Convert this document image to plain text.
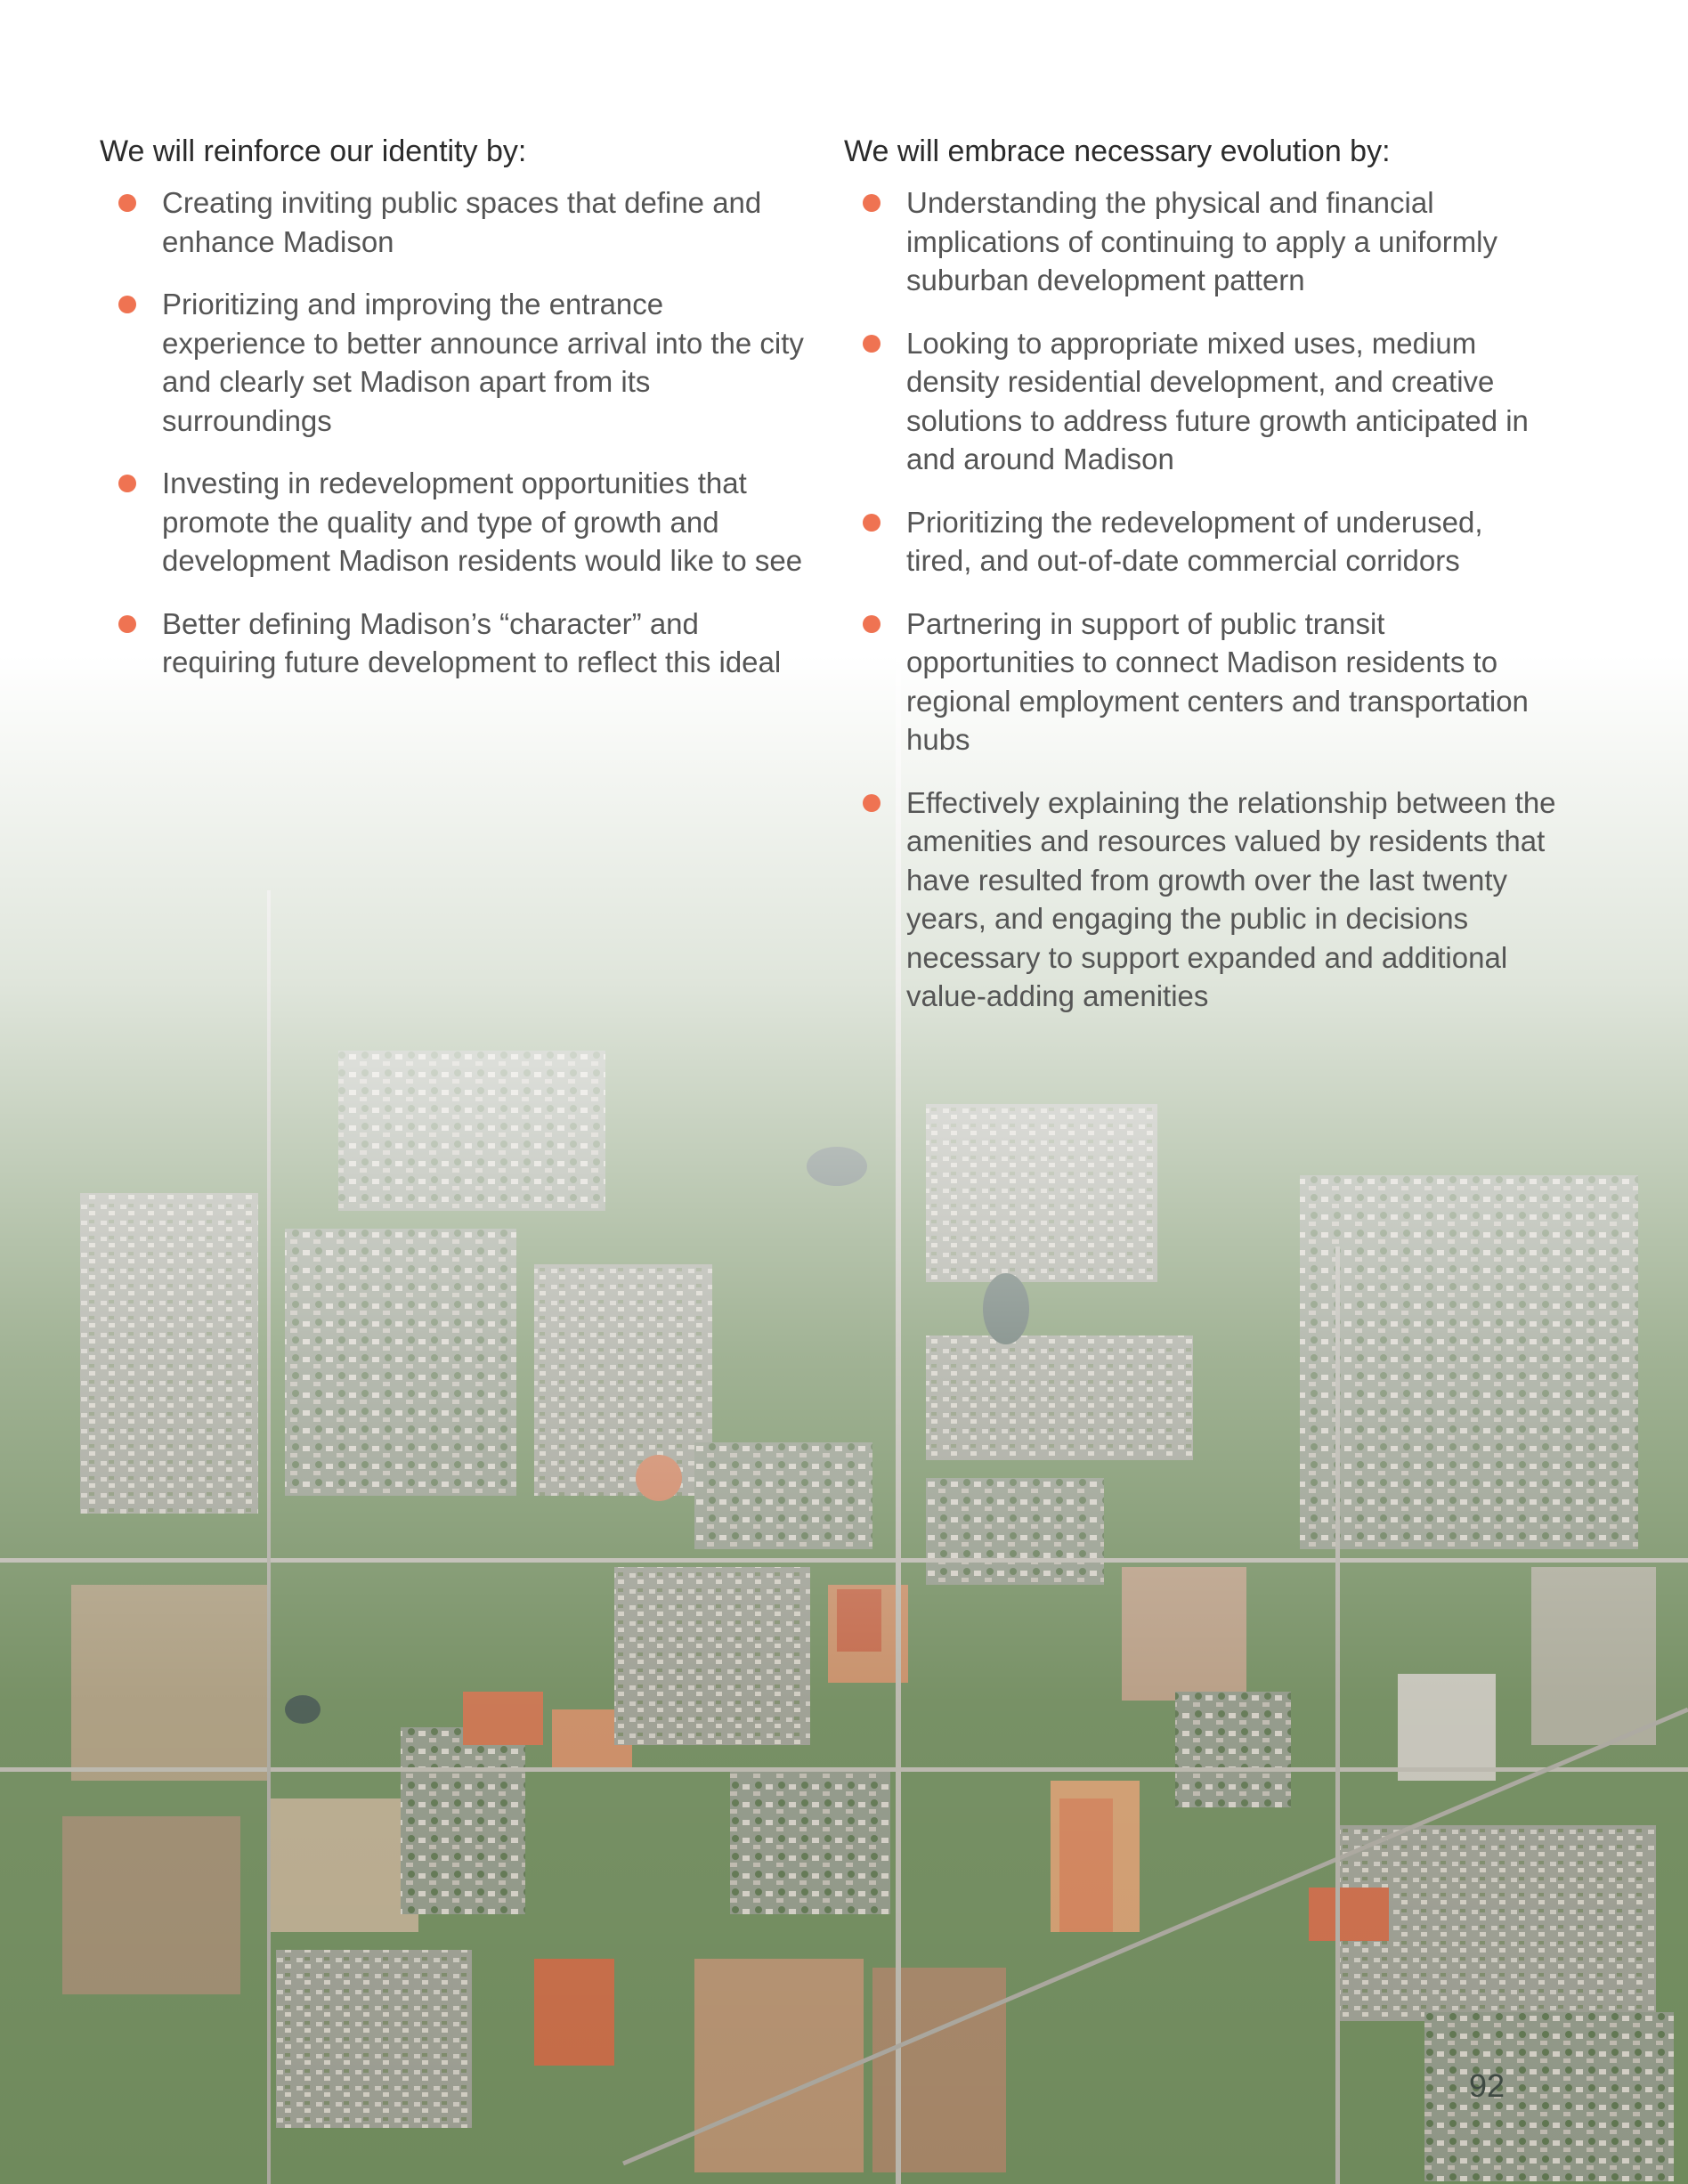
We will reinforce our identity by:
Creating inviting public spaces that define and enhance Madison
Prioritizing and improving the entrance experience to better announce arrival into the city and clearly set Madison apart from its surroundings
Investing in redevelopment opportunities that promote the quality and type of growth and development Madison residents would like to see
Better defining Madison’s “character” and requiring future development to reflect this ideal
We will embrace necessary evolution by:
Understanding the physical and financial implications of continuing to apply a uniformly suburban development pattern
Looking to appropriate mixed uses, medium density residential development, and creative solutions to address future growth anticipated in and around Madison
Prioritizing the redevelopment of underused, tired, and out-of-date commercial corridors
Partnering in support of public transit opportunities to connect Madison residents to regional employment centers and transportation hubs
Effectively explaining the relationship between the amenities and resources valued by residents that have resulted from growth over the last twenty years, and engaging the public in decisions necessary to support expanded and additional value-adding amenities
92
